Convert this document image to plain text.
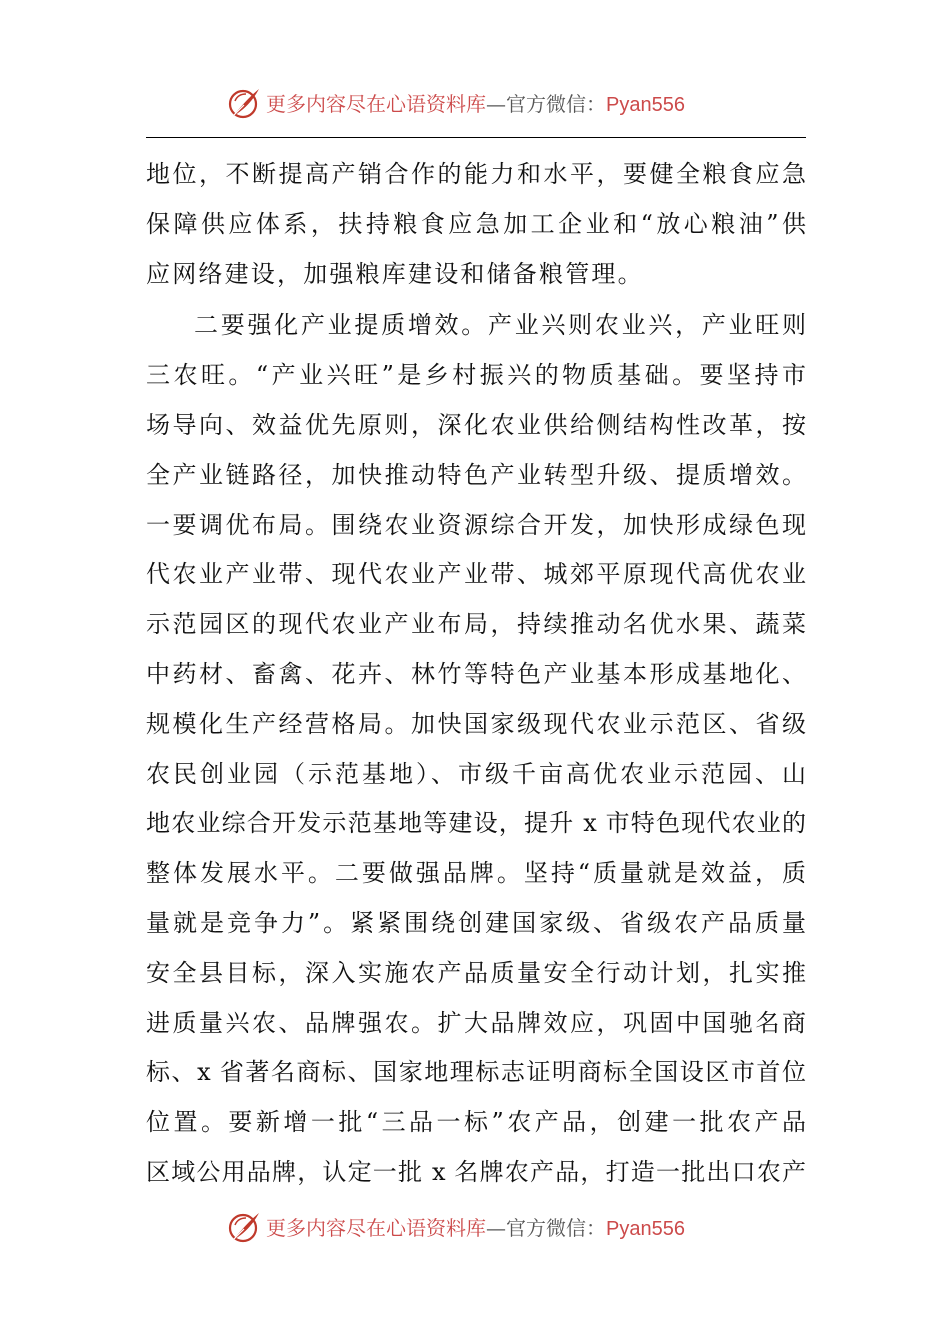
更多内容尽在心语资料库—官方微信：Pyan556
地位，不断提高产销合作的能力和水平，要健全粮食应急
保障供应体系，扶持粮食应急加工企业和“放心粮油”供
应网络建设，加强粮库建设和储备粮管理。
二要强化产业提质增效。产业兴则农业兴，产业旺则
三农旺。“产业兴旺”是乡村振兴的物质基础。要坚持市
场导向、效益优先原则，深化农业供给侧结构性改革，按
全产业链路径，加快推动特色产业转型升级、提质增效。
一要调优布局。围绕农业资源综合开发，加快形成绿色现
代农业产业带、现代农业产业带、城郊平原现代高优农业
示范园区的现代农业产业布局，持续推动名优水果、蔬菜
中药材、畜禽、花卉、林竹等特色产业基本形成基地化、
规模化生产经营格局。加快国家级现代农业示范区、省级
农民创业园（示范基地）、市级千亩高优农业示范园、山
地农业综合开发示范基地等建设，提升 x 市特色现代农业的
整体发展水平。二要做强品牌。坚持“质量就是效益，质
量就是竞争力”。紧紧围绕创建国家级、省级农产品质量
安全县目标，深入实施农产品质量安全行动计划，扎实推
进质量兴农、品牌强农。扩大品牌效应，巩固中国驰名商
标、x 省著名商标、国家地理标志证明商标全国设区市首位
位置。要新增一批“三品一标”农产品，创建一批农产品
区域公用品牌，认定一批 x 名牌农产品，打造一批出口农产
更多内容尽在心语资料库—官方微信：Pyan556
